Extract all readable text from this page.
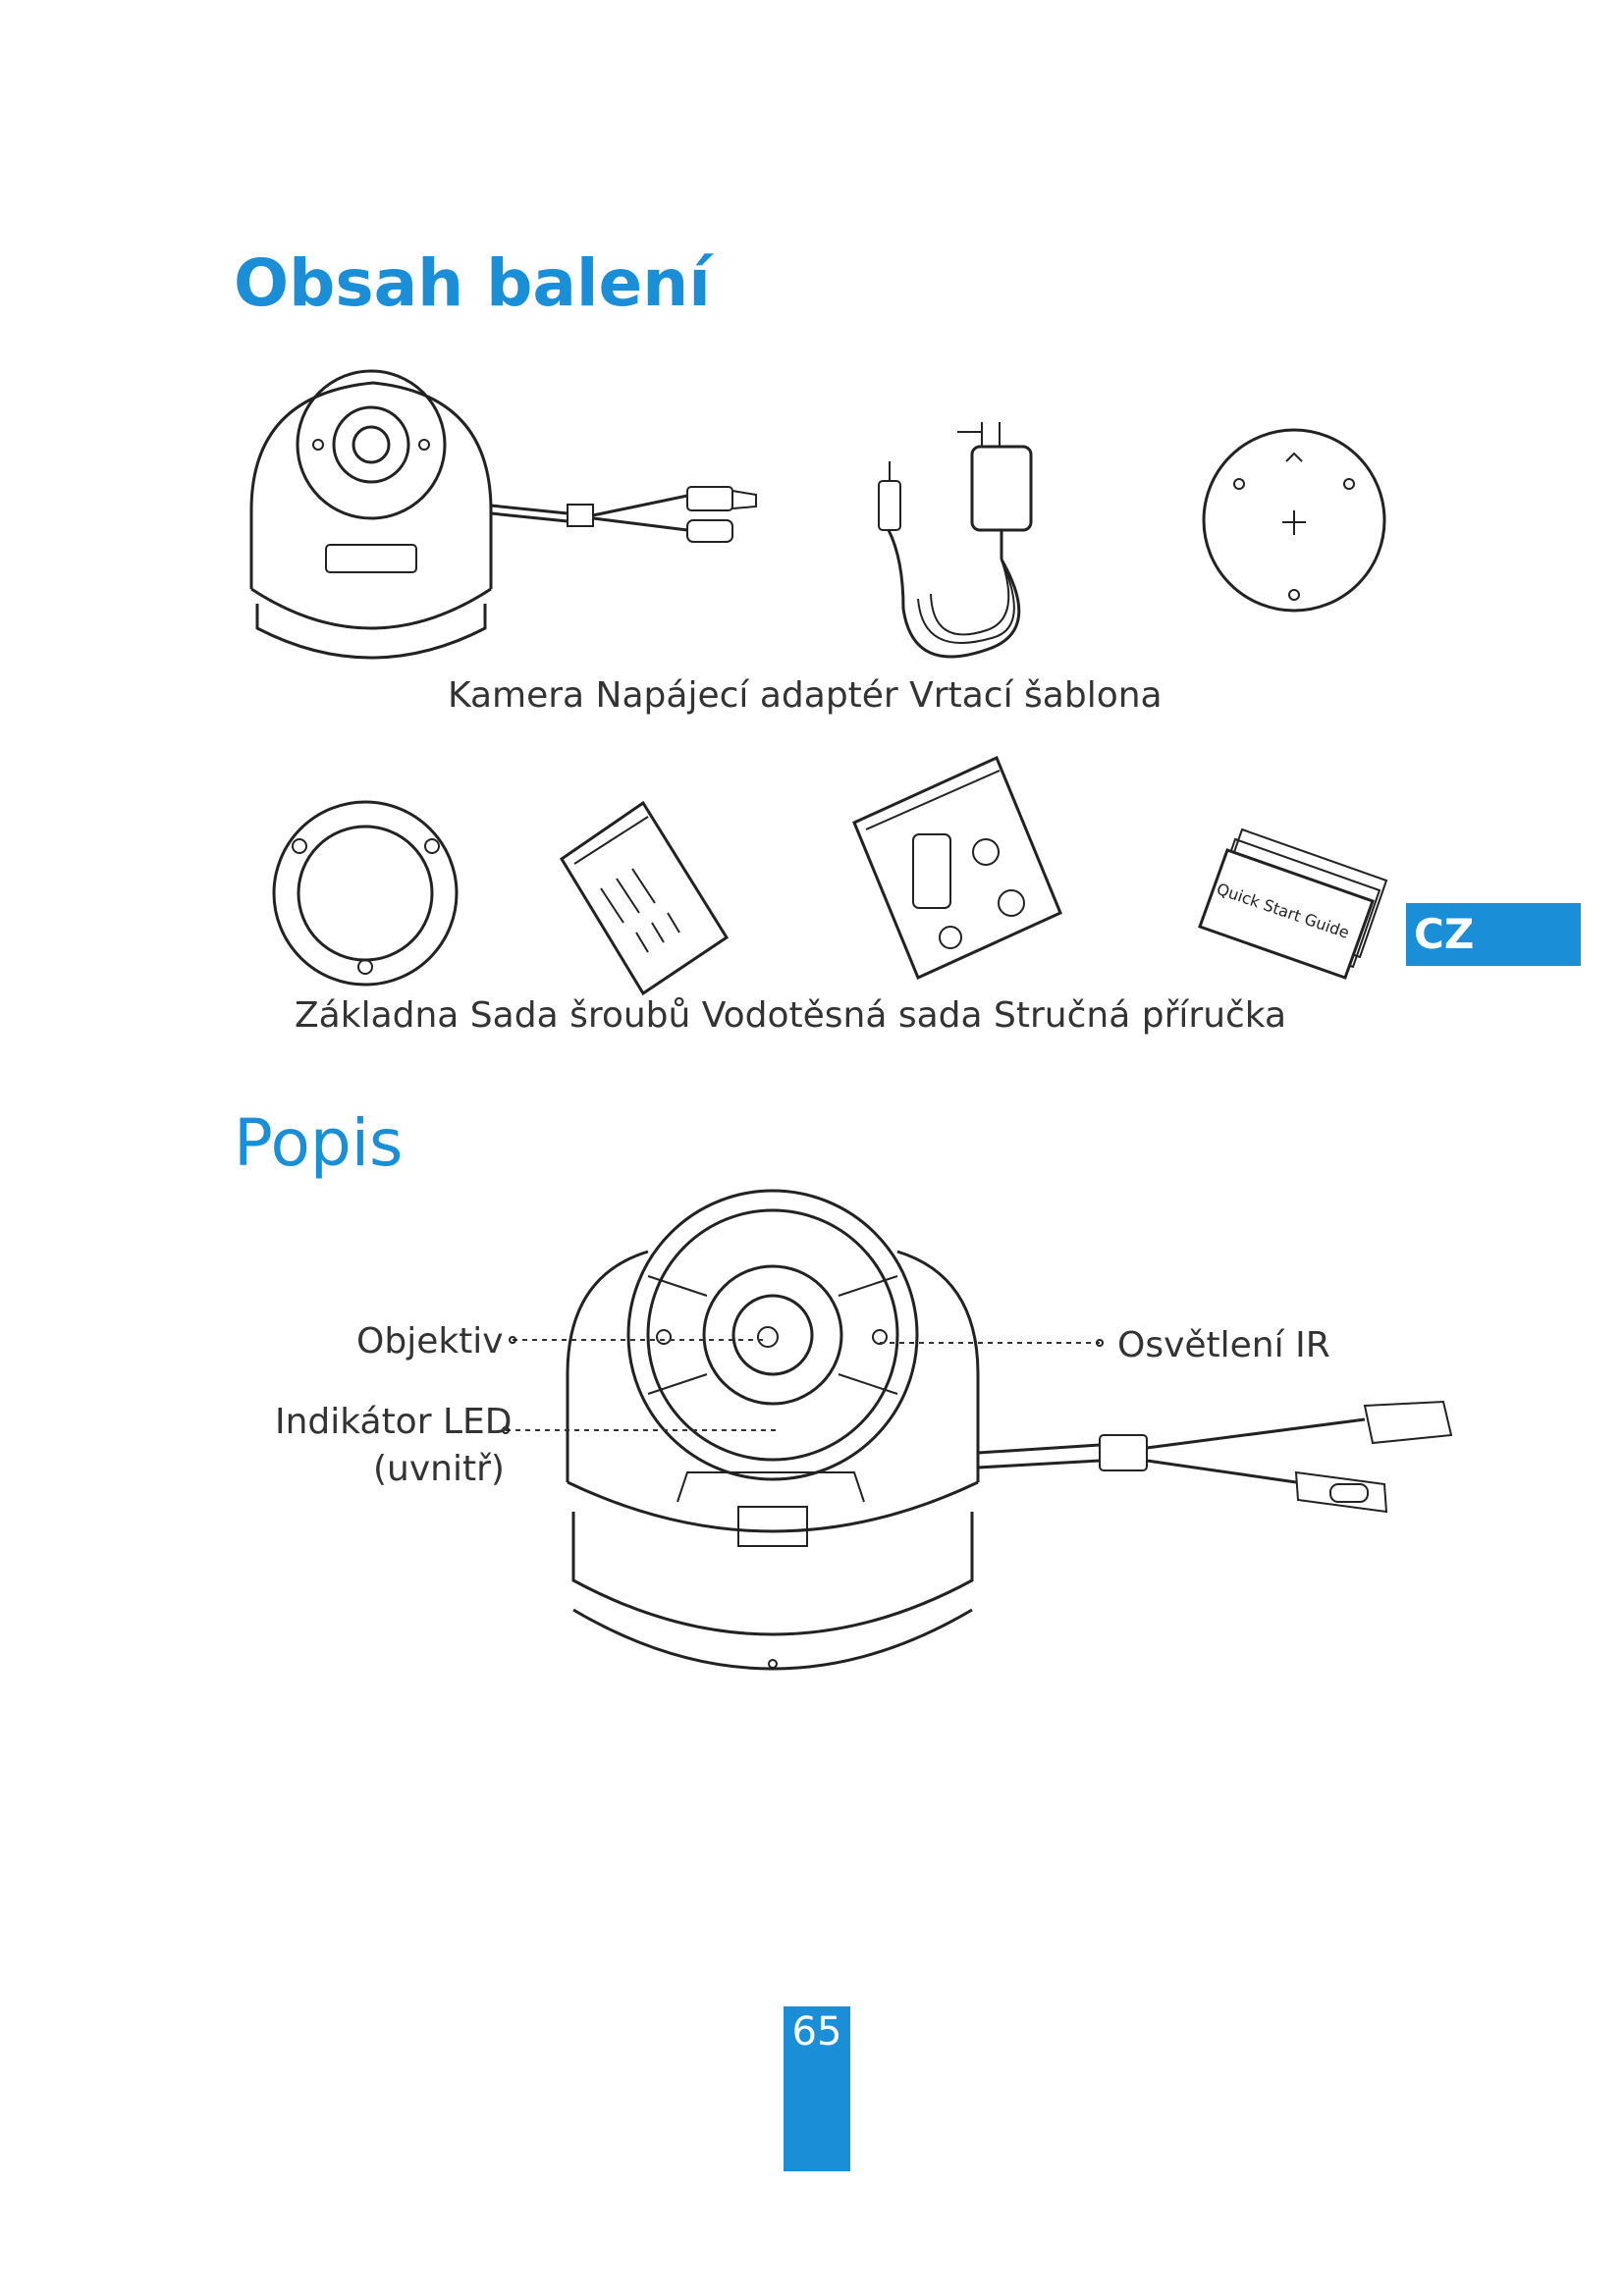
Obsah balení
Quick Start Guide
Kamera Napájecí adaptér Vrtací šablona
Základna Sada šroubů Vodotěsná sada Stručná příručka
CZ
Popis
Objektiv	Osvětlení IR
Indikátor LED
(uvnitř)
65
